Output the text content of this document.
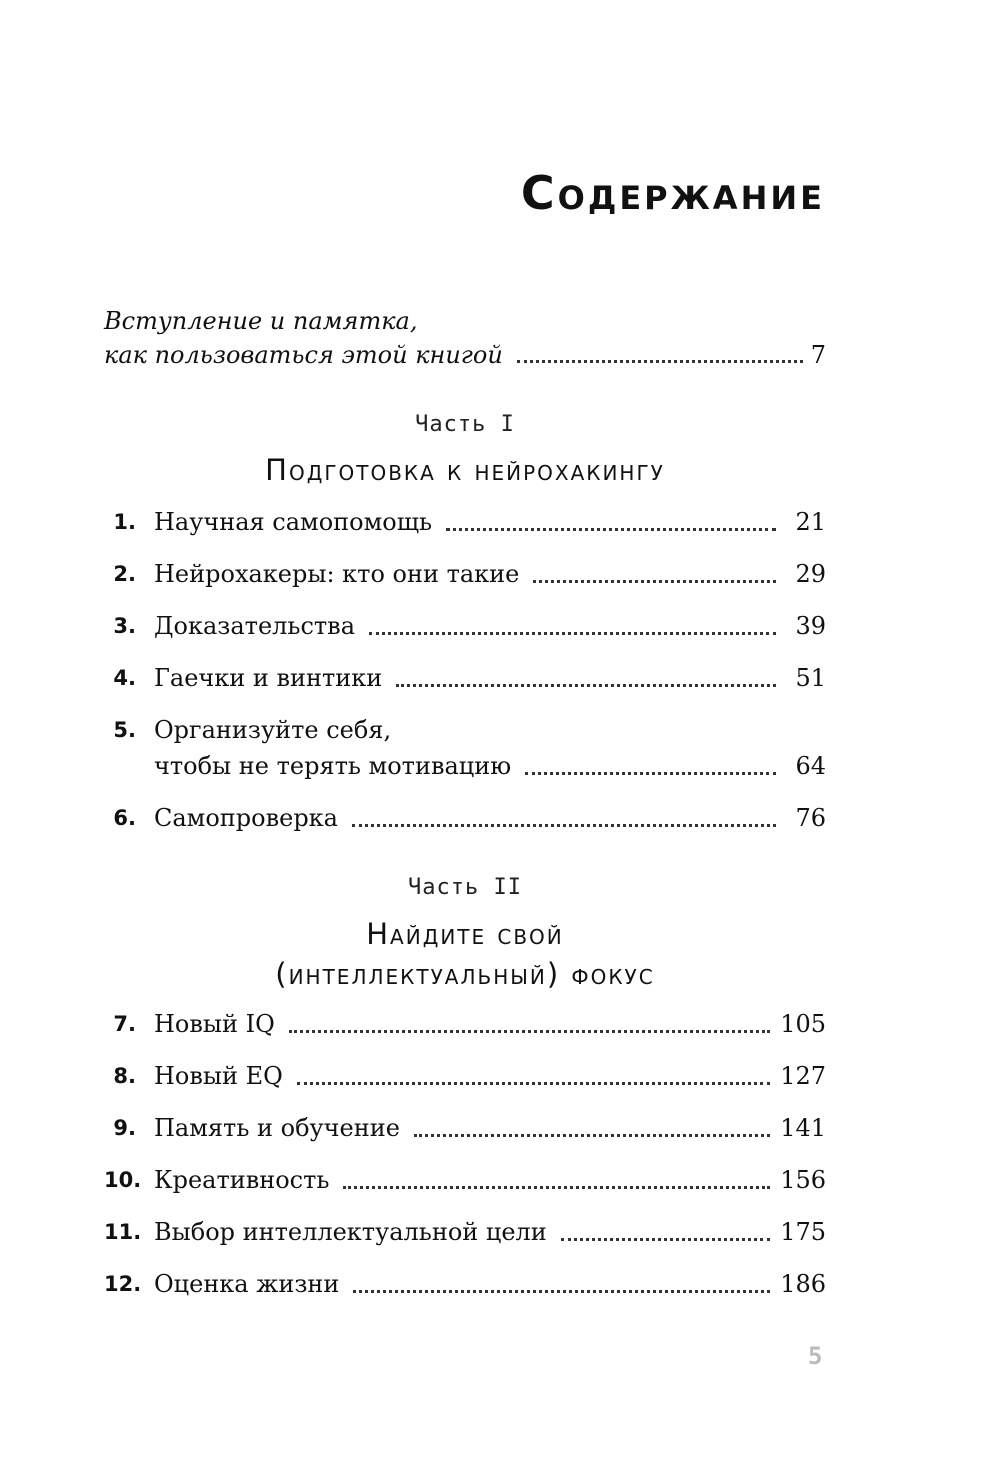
Содержание
Вступление и памятка,
как пользоваться этой книгой	7
Часть I
Подготовка к нейрохакингу
1. Научная самопомощь	21
2. Нейрохакеры: кто они такие	29
3. Доказательства	39
4. Гаечки и винтики	51
5. Организуйте себя,
чтобы не терять мотивацию	64
6. Самопроверка	76
Часть II
Найдите свой
(интеллектуальный) фокус
7. Новый IQ	105
8. Новый EQ	127
9. Память и обучение	141
10. Креативность	156
11. Выбор интеллектуальной цели	175
12. Оценка жизни	186
5
